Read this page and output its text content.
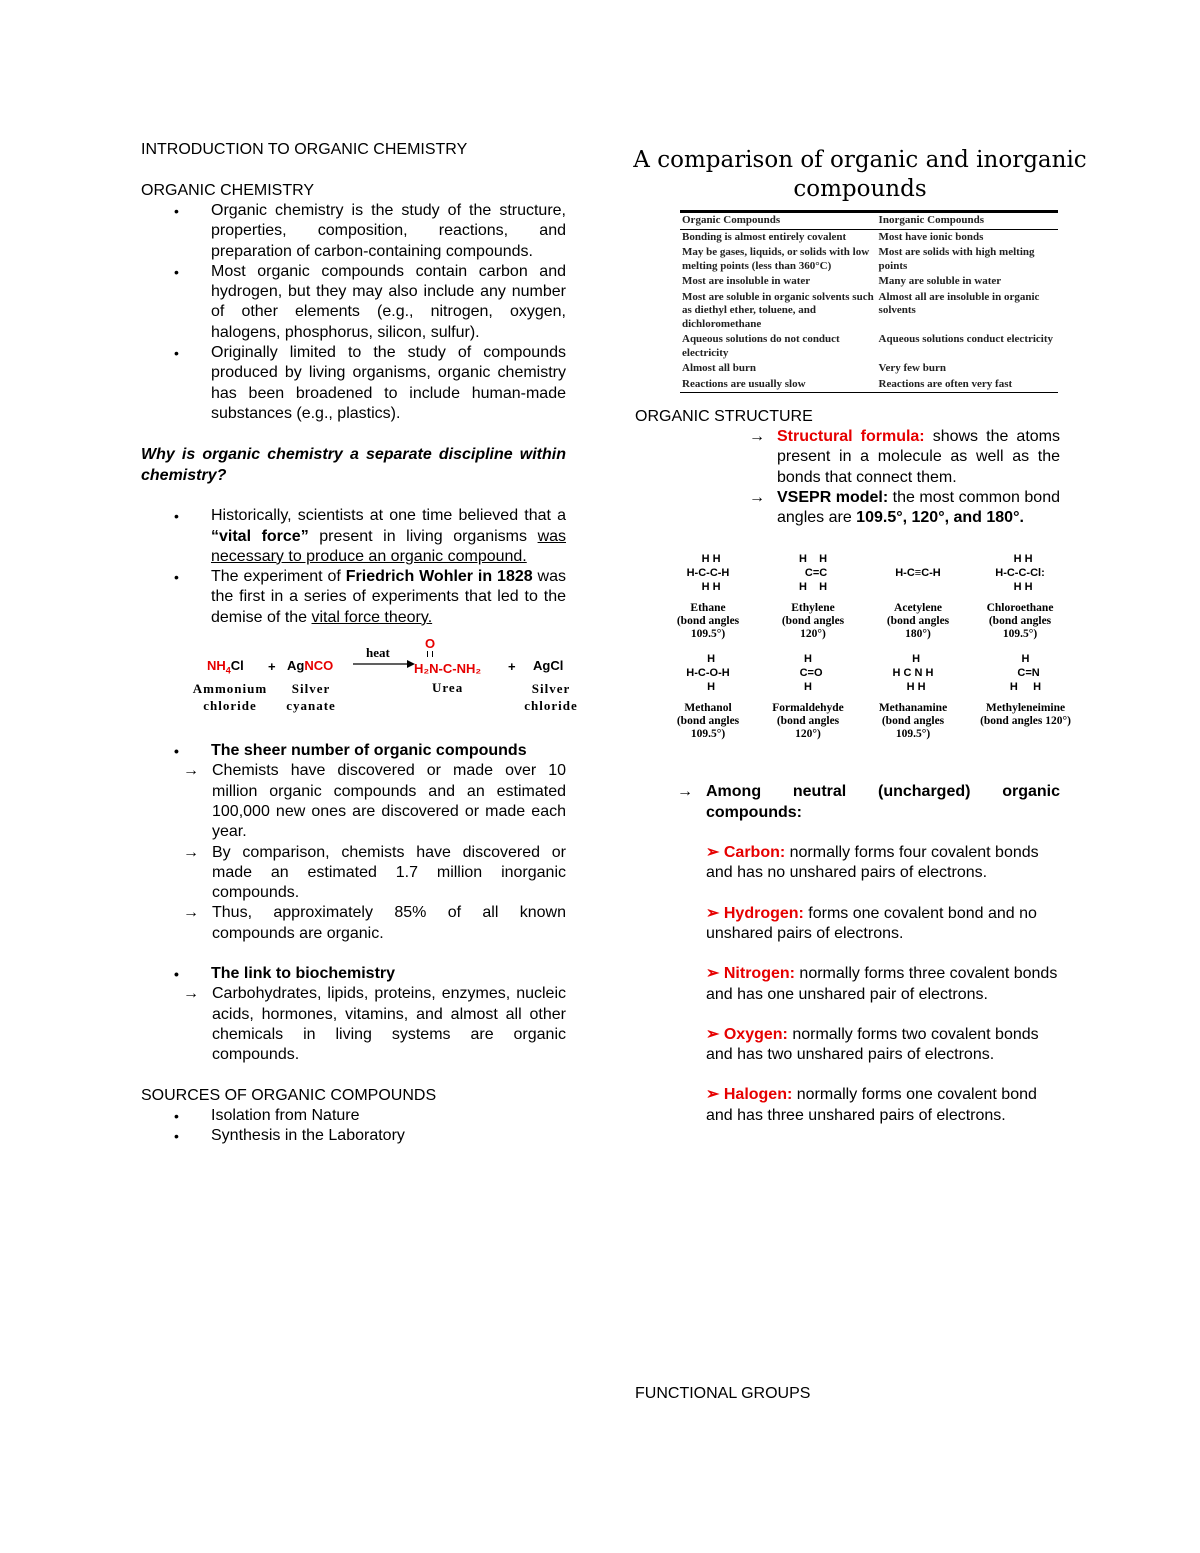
INTRODUCTION TO ORGANIC CHEMISTRY

ORGANIC CHEMISTRY

• Organic chemistry is the study of the structure, properties, composition, reactions, and preparation of carbon-containing compounds.
• Most organic compounds contain carbon and hydrogen, but they may also include any number of other elements (e.g., nitrogen, oxygen, halogens, phosphorus, silicon, sulfur).
• Originally limited to the study of compounds produced by living organisms, organic chemistry has been broadened to include human-made substances (e.g., plastics).

Why is organic chemistry a separate discipline within chemistry?

• Historically, scientists at one time believed that a “vital force” present in living organisms was necessary to produce an organic compound.
• The experiment of Friedrich Wohler in 1828 was the first in a series of experiments that led to the demise of the vital force theory.
$NH_4Cl$ + AgNCO
heat
O
H₂N-C-NH₂ + AgCl
Ammonium
chloride
Silver
cyanate
Urea	Silver
chloride
• The sheer number of organic compounds
→ Chemists have discovered or made over 10 million organic compounds and an estimated 100,000 new ones are discovered or made each year.
→ By comparison, chemists have discovered or made an estimated 1.7 million inorganic compounds.
→ Thus, approximately 85% of all known compounds are organic.
• The link to biochemistry
→ Carbohydrates, lipids, proteins, enzymes, nucleic acids, hormones, vitamins, and almost all other chemicals in living systems are organic compounds.

SOURCES OF ORGANIC COMPOUNDS

• Isolation from Nature
• Synthesis in the Laboratory

A comparison of organic and inorganic compounds

Organic Compounds	Inorganic Compounds
Bonding is almost entirely covalent	Most have ionic bonds
May be gases, liquids, or solids with low melting points (less than 360°C)	Most are solids with high melting points
Most are insoluble in water	Many are soluble in water
Most are soluble in organic solvents such as diethyl ether, toluene, and dichloromethane	Almost all are insoluble in organic solvents
Aqueous solutions do not conduct electricity	Aqueous solutions conduct electricity
Almost all burn	Very few burn
Reactions are usually slow	Reactions are often very fast

ORGANIC STRUCTURE

→ Structural formula: shows the atoms present in a molecule as well as the bonds that connect them.
→ VSEPR model: the most common bond angles are 109.5°, 120°, and 180°.
H H
H-C-C-H
H H
Ethane
(bond angles
109.5°)
H    H
C=C
H    H
Ethylene
(bond angles
120°)

H-C≡C-H

Acetylene
(bond angles
180°)
H H
H-C-C-Cl:
H H
Chloroethane
(bond angles
109.5°)
H
H-C-O-H
H
Methanol
(bond angles
109.5°)
H
C=O
H
Formaldehyde
(bond angles
120°)
H
H C N H
H H
Methanamine
(bond angles
109.5°)
H
C=N
H     H
Methyleneimine
(bond angles 120°)
→ Among neutral (uncharged) organic compounds:

➢ Carbon: normally forms four covalent bonds and has no unshared pairs of electrons.

➢ Hydrogen: forms one covalent bond and no unshared pairs of electrons.

➢ Nitrogen: normally forms three covalent bonds and has one unshared pair of electrons.

➢ Oxygen: normally forms two covalent bonds and has two unshared pairs of electrons.

➢ Halogen: normally forms one covalent bond and has three unshared pairs of electrons.

FUNCTIONAL GROUPS
